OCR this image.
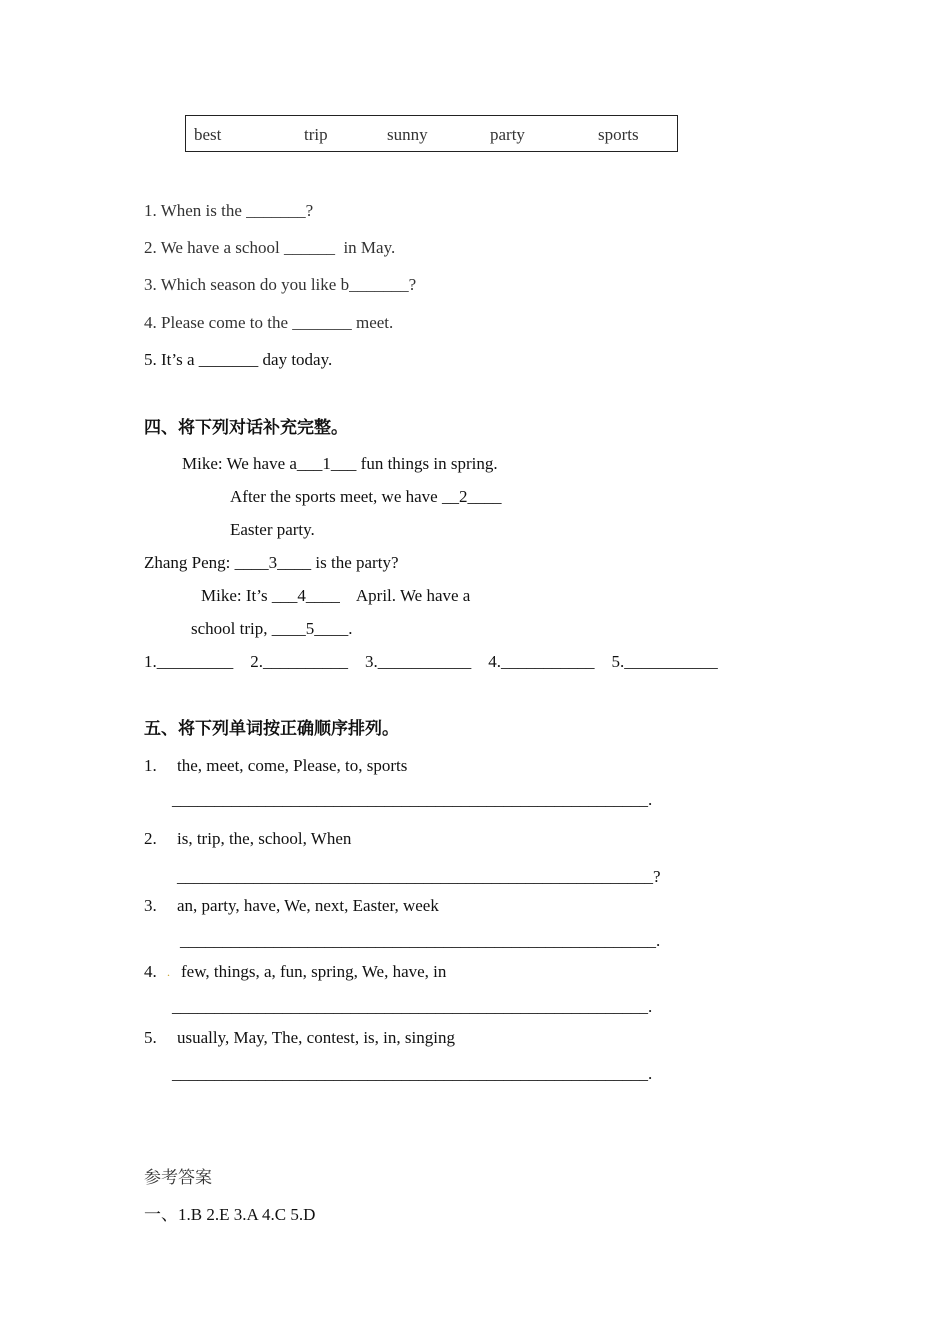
best	trip	sunny	party	sports
1. When is the _______?
2. We have a school ______  in May.
3. Which season do you like b_______?
4. Please come to the _______ meet.
5. It’s a _______ day today.
四、将下列对话补充完整。
Mike: We have a___1___ fun things in spring.
After the sports meet, we have __2____
Easter party.
Zhang Peng: ____3____ is the party?
Mike: It’s ___4____    April. We have a
school trip, ____5____.
1._________    2.__________    3.___________    4.___________    5.___________
五、将下列单词按正确顺序排列。
1. the, meet, come, Please, to, sports
________________________________________________________.
2. is, trip, the, school, When
________________________________________________________?
3. an, party, have, We, next, Easter, week
________________________________________________________.
4. . few, things, a, fun, spring, We, have, in
________________________________________________________.
5. usually, May, The, contest, is, in, singing
________________________________________________________.
参考答案
一、1.B 2.E 3.A 4.C 5.D
